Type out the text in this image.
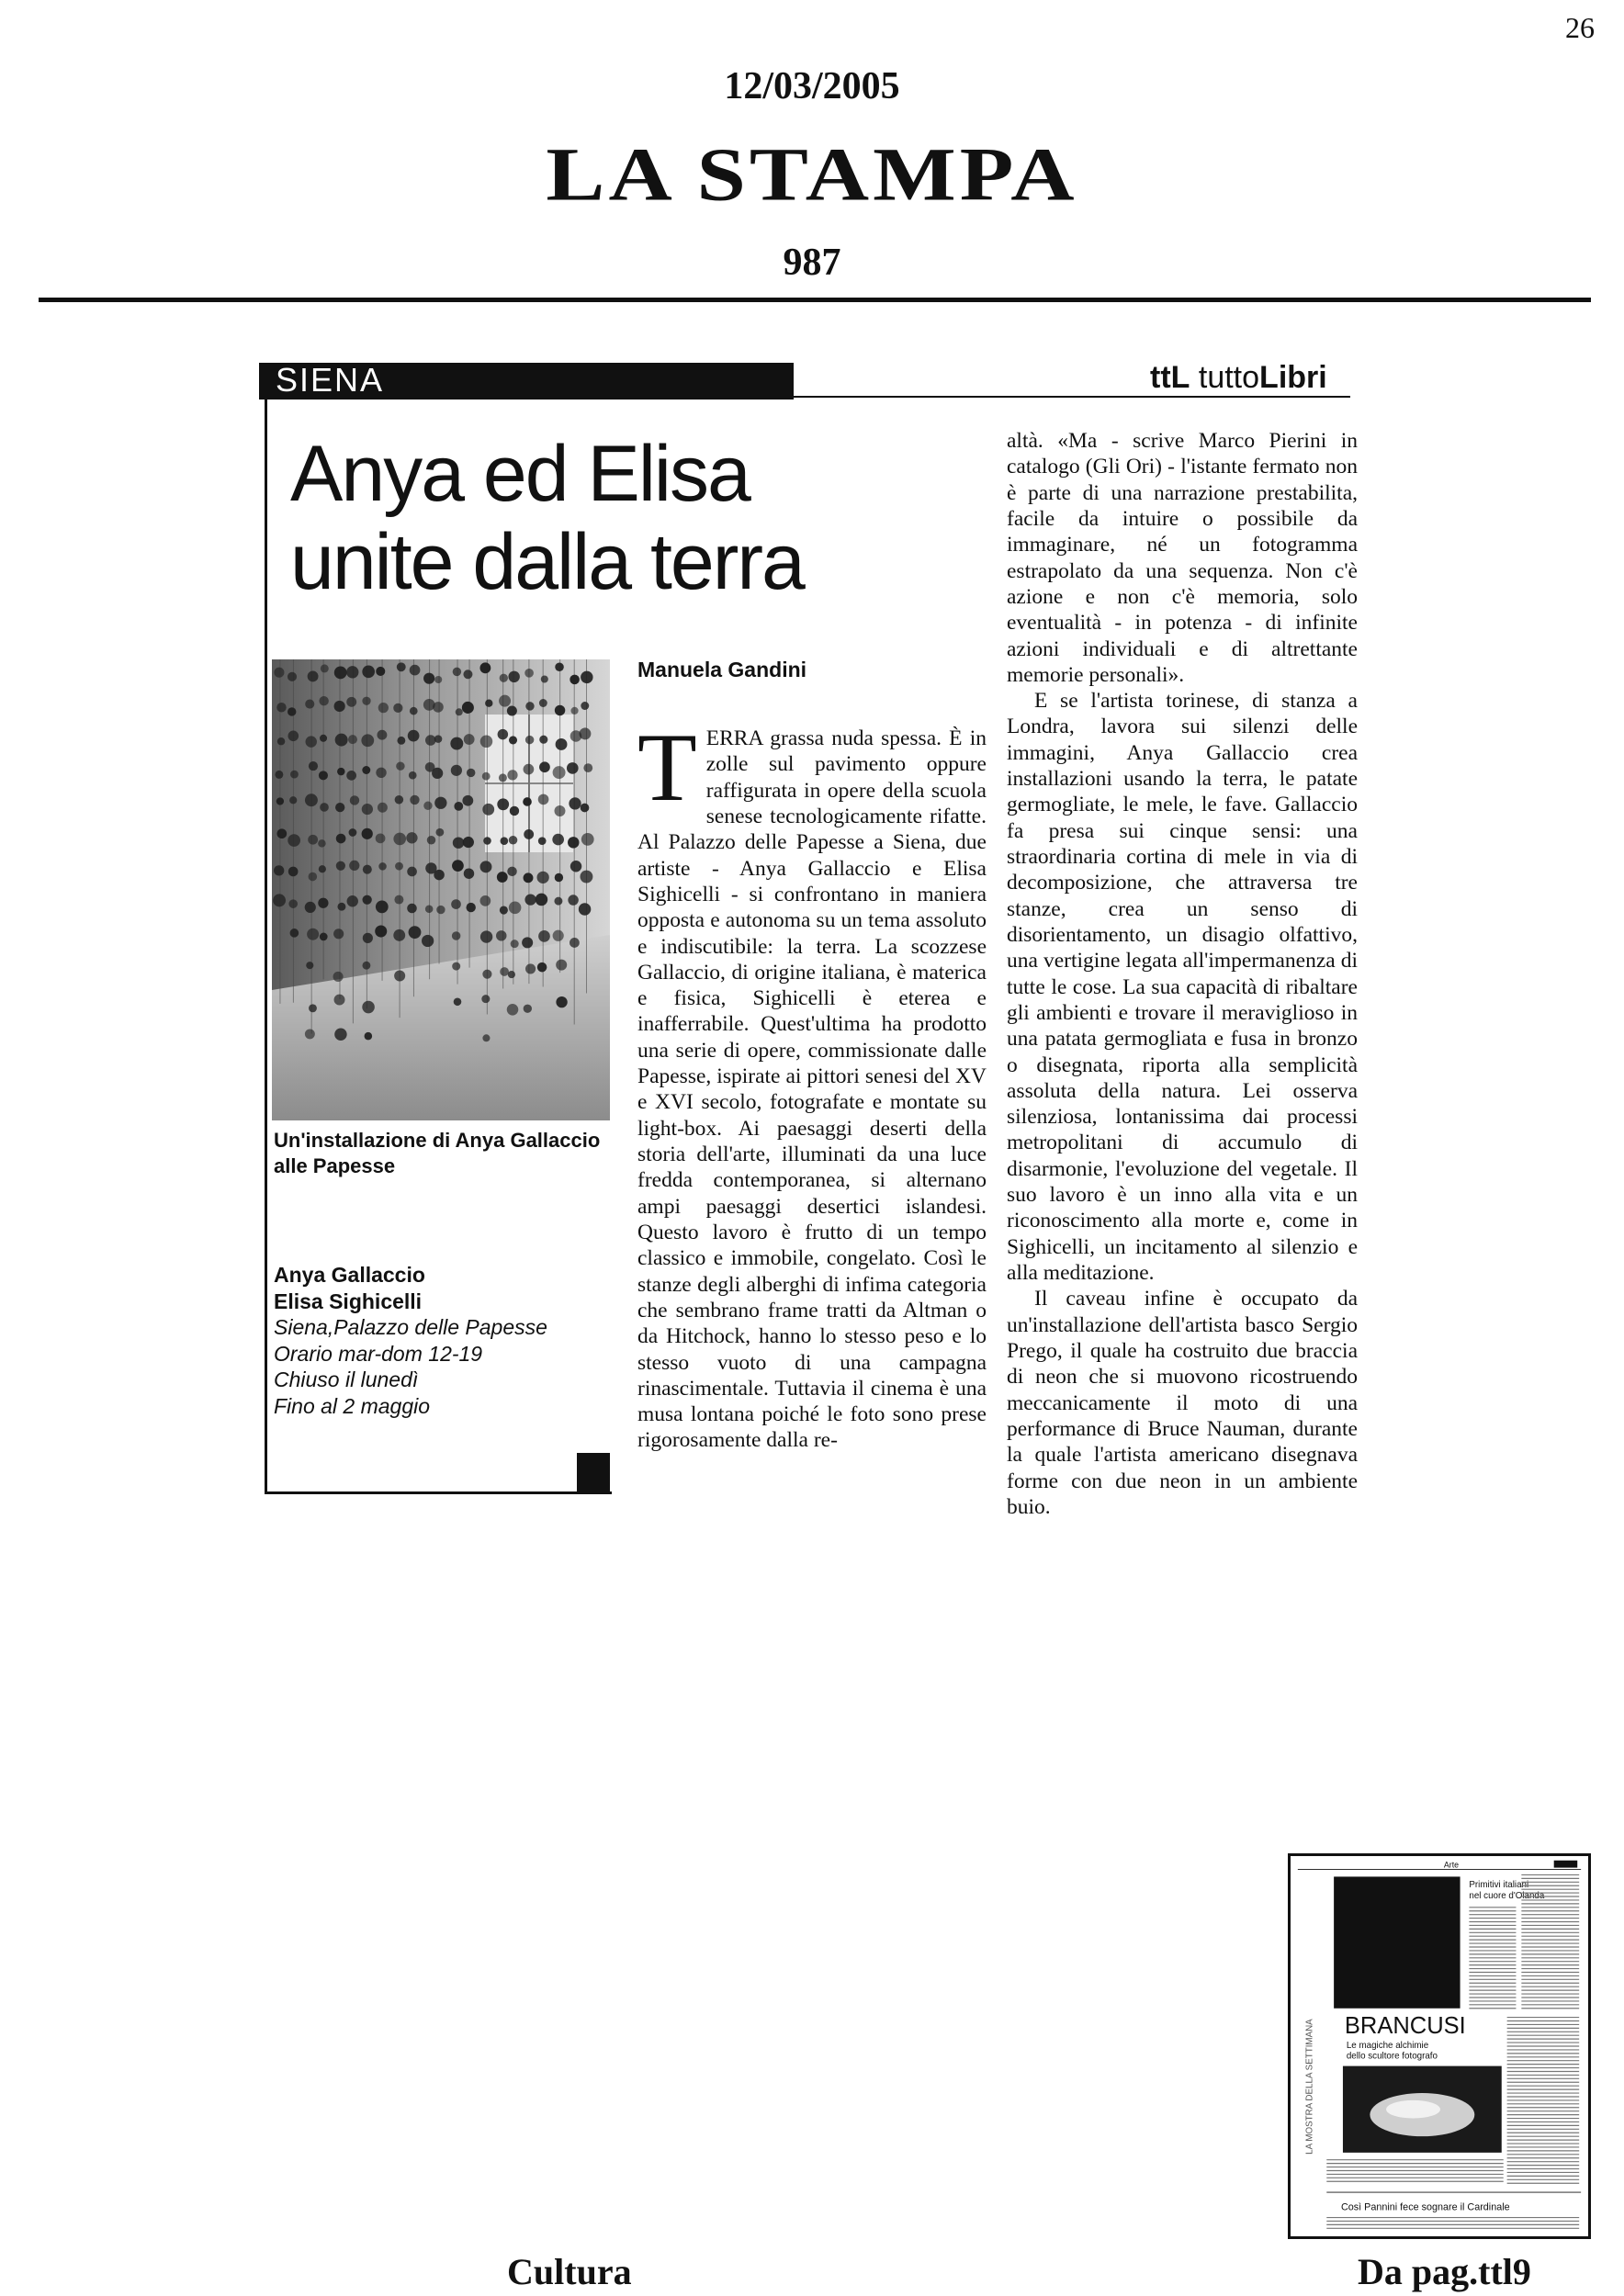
26
12/03/2005
LA STAMPA
987
SIENA	ttL tuttoLibri
Anya ed Elisa
unite dalla terra
Un'installazione di Anya Gallaccio alle Papesse
Anya Gallaccio
Elisa Sighicelli
Siena,Palazzo delle Papesse
Orario mar-dom 12-19
Chiuso il lunedì
Fino al 2 maggio
Manuela Gandini

TERRA grassa nuda spessa. È in zolle sul pavimento oppure raffigurata in opere della scuola senese tecnologicamente rifatte. Al Palazzo delle Papesse a Siena, due artiste - Anya Gallaccio e Elisa Sighicelli - si confrontano in maniera opposta e autonoma su un tema assoluto e indiscutibile: la terra. La scozzese Gallaccio, di origine italiana, è materica e fisica, Sighicelli è eterea e inafferrabile. Quest'ultima ha prodotto una serie di opere, commissionate dalle Papesse, ispirate ai pittori senesi del XV e XVI secolo, fotografate e montate su light-box. Ai paesaggi deserti della storia dell'arte, illuminati da una luce fredda contemporanea, si alternano ampi paesaggi desertici islandesi. Questo lavoro è frutto di un tempo classico e immobile, congelato. Così le stanze degli alberghi di infima categoria che sembrano frame tratti da Altman o da Hitchock, hanno lo stesso peso e lo stesso vuoto di una campagna rinascimentale. Tuttavia il cinema è una musa lontana poiché le foto sono prese rigorosamente dalla re-

altà. «Ma - scrive Marco Pierini in catalogo (Gli Ori) - l'istante fermato non è parte di una narrazione prestabilita, facile da intuire o possibile da immaginare, né un fotogramma estrapolato da una sequenza. Non c'è azione e non c'è memoria, solo eventualità - in potenza - di infinite azioni individuali e di altrettante memorie personali».

E se l'artista torinese, di stanza a Londra, lavora sui silenzi delle immagini, Anya Gallaccio crea installazioni usando la terra, le patate germogliate, le mele, le fave. Gallaccio fa presa sui cinque sensi: una straordinaria cortina di mele in via di decomposizione, che attraversa tre stanze, crea un senso di disorientamento, un disagio olfattivo, una vertigine legata all'impermanenza di tutte le cose. La sua capacità di ribaltare gli ambienti e trovare il meraviglioso in una patata germogliata e fusa in bronzo o disegnata, riporta alla semplicità assoluta della natura. Lei osserva silenziosa, lontanissima dai processi metropolitani di accumulo di disarmonie, l'evoluzione del vegetale. Il suo lavoro è un inno alla vita e un riconoscimento alla morte e, come in Sighicelli, un incitamento al silenzio e alla meditazione.

Il caveau infine è occupato da un'installazione dell'artista basco Sergio Prego, il quale ha costruito due braccia di neon che si muovono ricostruendo meccanicamente il moto di una performance di Bruce Nauman, durante la quale l'artista americano disegnava forme con due neon in un ambiente buio.

Arte
Primitivi italiani
nel cuore d'Olanda
BRANCUSI
Le magiche alchimie
dello scultore fotografo
LA MOSTRA DELLA SETTIMANA
Così Pannini fece sognare il Cardinale
Cultura	Da pag.ttl9
